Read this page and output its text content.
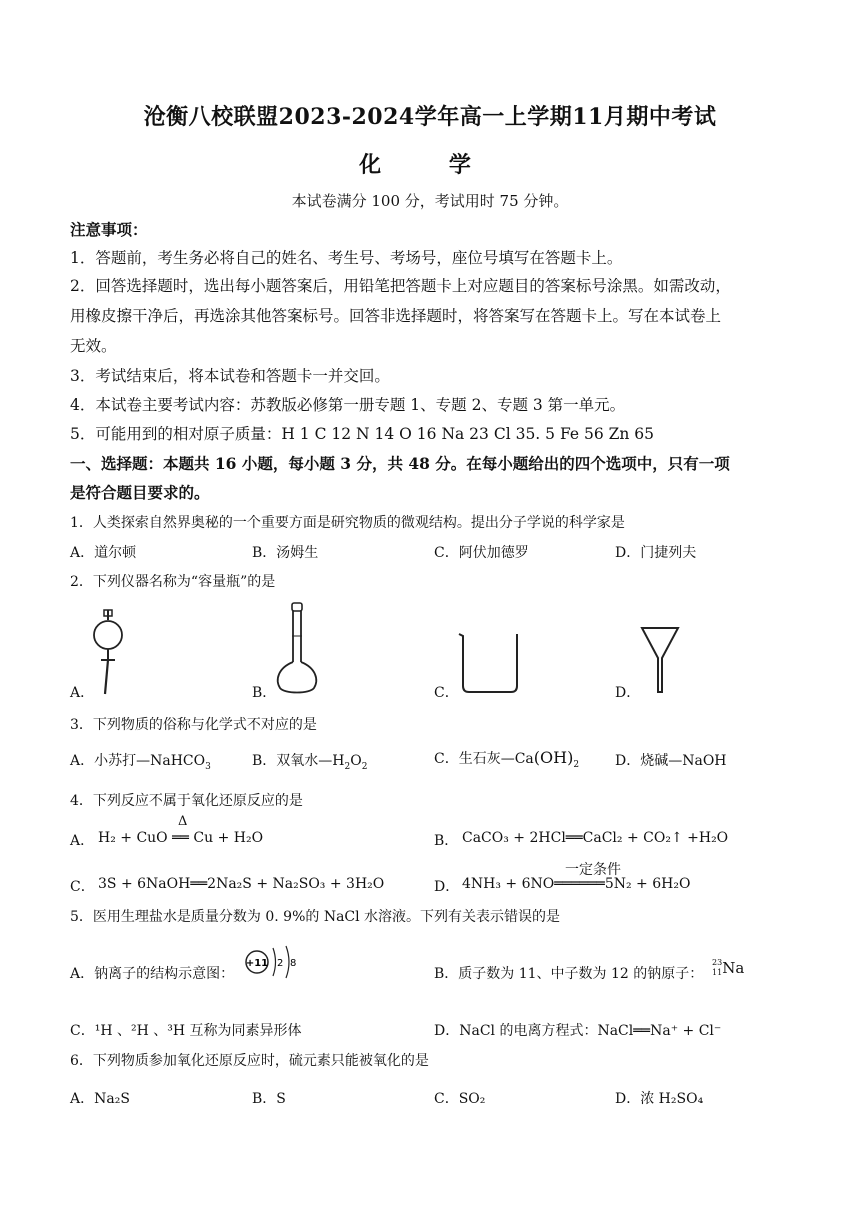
沧衡八校联盟2023-2024学年高一上学期11月期中考试
化 学
本试卷满分 100 分，考试用时 75 分钟。
注意事项：
1．答题前，考生务必将自己的姓名、考生号、考场号，座位号填写在答题卡上。
2．回答选择题时，选出每小题答案后，用铅笔把答题卡上对应题目的答案标号涂黑。如需改动，
用橡皮擦干净后，再选涂其他答案标号。回答非选择题时，将答案写在答题卡上。写在本试卷上
无效。
3．考试结束后，将本试卷和答题卡一并交回。
4．本试卷主要考试内容：苏教版必修第一册专题 1、专题 2、专题 3 第一单元。
5．可能用到的相对原子质量：H 1 C 12 N 14 O 16 Na 23 Cl 35. 5 Fe 56 Zn 65
一、选择题：本题共 16 小题，每小题 3 分，共 48 分。在每小题给出的四个选项中，只有一项
是符合题目要求的。
1．人类探索自然界奥秘的一个重要方面是研究物质的微观结构。提出分子学说的科学家是
A．道尔顿	B．汤姆生	C．阿伏加德罗	D．门捷列夫
2．下列仪器名称为“容量瓶”的是
A．	B．	C．	D．
3．下列物质的俗称与化学式不对应的是
A．小苏打—NaHCO$_3$	B．双氧水$—H_2O_2$	C．生石灰$—Ca(OH)_2$	D．烧碱—NaOH
4．下列反应不属于氧化还原反应的是
A．
Δ
H₂ + CuO ══ Cu + H₂O	B． CaCO₃ + 2HCl══CaCl₂ + CO₂↑ +H₂O
C． 3S + 6NaOH══2Na₂S + Na₂SO₃ + 3H₂O	D．
一定条件
4NH₃ + 6NO══════5N₂ + 6H₂O
5．医用生理盐水是质量分数为 0. 9%的 NaCl 水溶液。下列有关表示错误的是
A．钠离子的结构示意图：
+11 2 8
B．质子数为 11、中子数为 12 的钠原子：
23
11 Na
C．¹H 、²H 、³H 互称为同素异形体	D．NaCl 的电离方程式：NaCl══Na⁺ + Cl⁻
6．下列物质参加氧化还原反应时，硫元素只能被氧化的是
A．Na₂S	B．S	C．SO₂	D．浓 H₂SO₄
